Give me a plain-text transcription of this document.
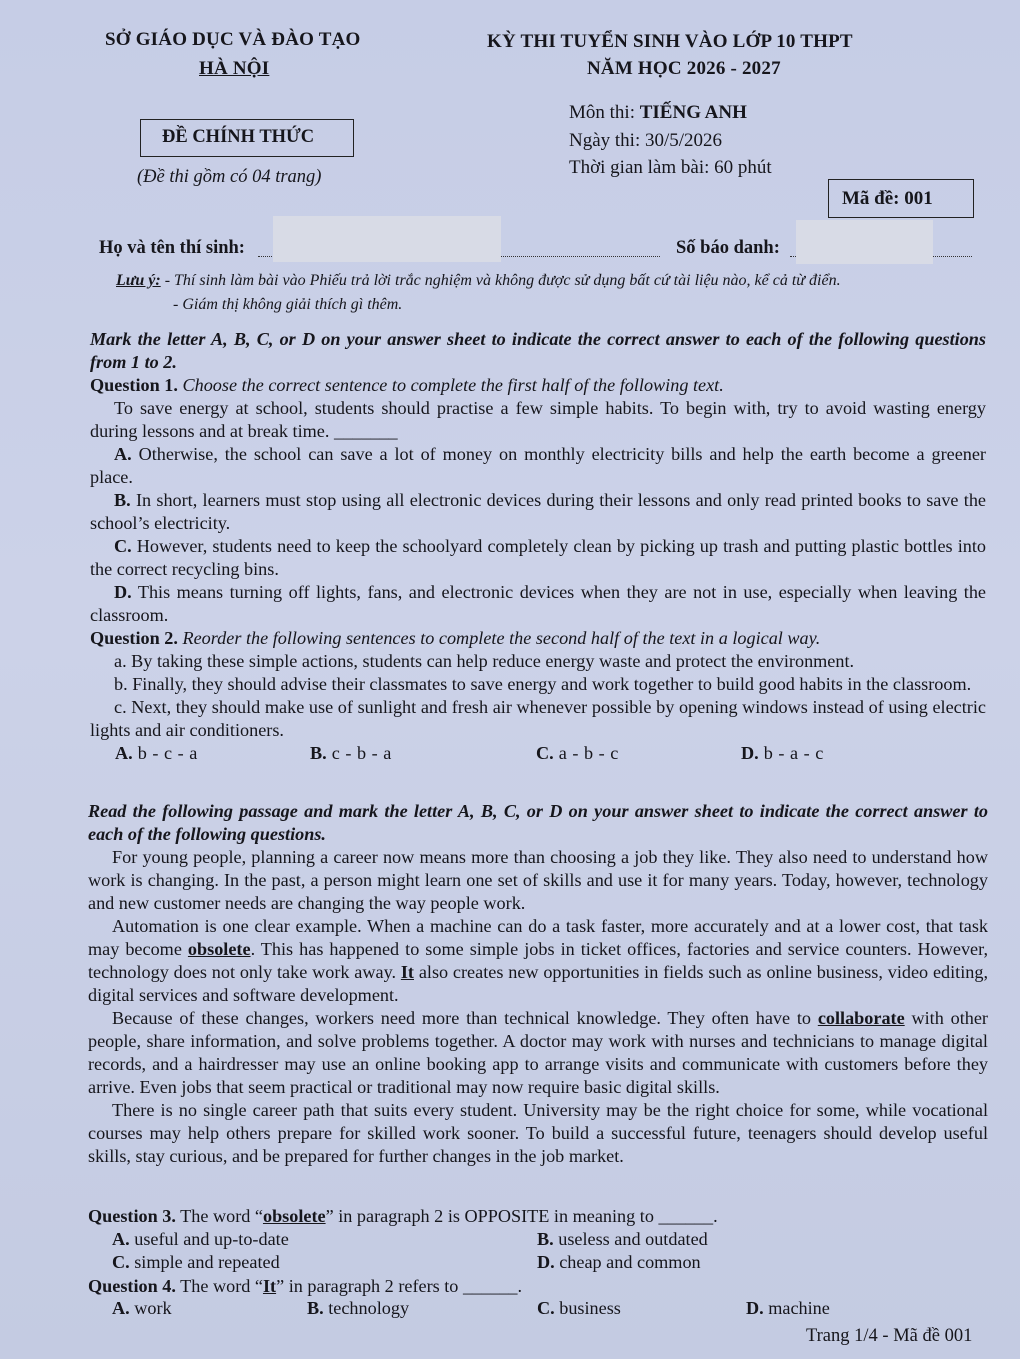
SỞ GIÁO DỤC VÀ ĐÀO TẠO
HÀ NỘI
KỲ THI TUYỂN SINH VÀO LỚP 10 THPT
NĂM HỌC 2026 - 2027
ĐỀ CHÍNH THỨC
(Đề thi gồm có 04 trang)
Môn thi: TIẾNG ANH
Ngày thi: 30/5/2026
Thời gian làm bài: 60 phút
Mã đề: 001
Họ và tên thí sinh:	Số báo danh:
Lưu ý: - Thí sinh làm bài vào Phiếu trả lời trắc nghiệm và không được sử dụng bất cứ tài liệu nào, kể cả từ điển.
- Giám thị không giải thích gì thêm.

Mark the letter A, B, C, or D on your answer sheet to indicate the correct answer to each of the following questions from 1 to 2.

Question 1. Choose the correct sentence to complete the first half of the following text.

To save energy at school, students should practise a few simple habits. To begin with, try to avoid wasting energy during lessons and at break time. _______

A. Otherwise, the school can save a lot of money on monthly electricity bills and help the earth become a greener place.

B. In short, learners must stop using all electronic devices during their lessons and only read printed books to save the school’s electricity.

C. However, students need to keep the schoolyard completely clean by picking up trash and putting plastic bottles into the correct recycling bins.

D. This means turning off lights, fans, and electronic devices when they are not in use, especially when leaving the classroom.

Question 2. Reorder the following sentences to complete the second half of the text in a logical way.

a. By taking these simple actions, students can help reduce energy waste and protect the environment.

b. Finally, they should advise their classmates to save energy and work together to build good habits in the classroom.

c. Next, they should make use of sunlight and fresh air whenever possible by opening windows instead of using electric lights and air conditioners.

A. b - c - a	B. c - b - a	C. a - b - c	D. b - a - c

Read the following passage and mark the letter A, B, C, or D on your answer sheet to indicate the correct answer to each of the following questions.

For young people, planning a career now means more than choosing a job they like. They also need to understand how work is changing. In the past, a person might learn one set of skills and use it for many years. Today, however, technology and new customer needs are changing the way people work.

Automation is one clear example. When a machine can do a task faster, more accurately and at a lower cost, that task may become obsolete. This has happened to some simple jobs in ticket offices, factories and service counters. However, technology does not only take work away. It also creates new opportunities in fields such as online business, video editing, digital services and software development.

Because of these changes, workers need more than technical knowledge. They often have to collaborate with other people, share information, and solve problems together. A doctor may work with nurses and technicians to manage digital records, and a hairdresser may use an online booking app to arrange visits and communicate with customers before they arrive. Even jobs that seem practical or traditional may now require basic digital skills.

There is no single career path that suits every student. University may be the right choice for some, while vocational courses may help others prepare for skilled work sooner. To build a successful future, teenagers should develop useful skills, stay curious, and be prepared for further changes in the job market.

Question 3. The word “obsolete” in paragraph 2 is OPPOSITE in meaning to ______.
A. useful and up-to-date	B. useless and outdated
C. simple and repeated	D. cheap and common
Question 4. The word “It” in paragraph 2 refers to ______.
A. work	B. technology	C. business	D. machine
Trang 1/4 - Mã đề 001
